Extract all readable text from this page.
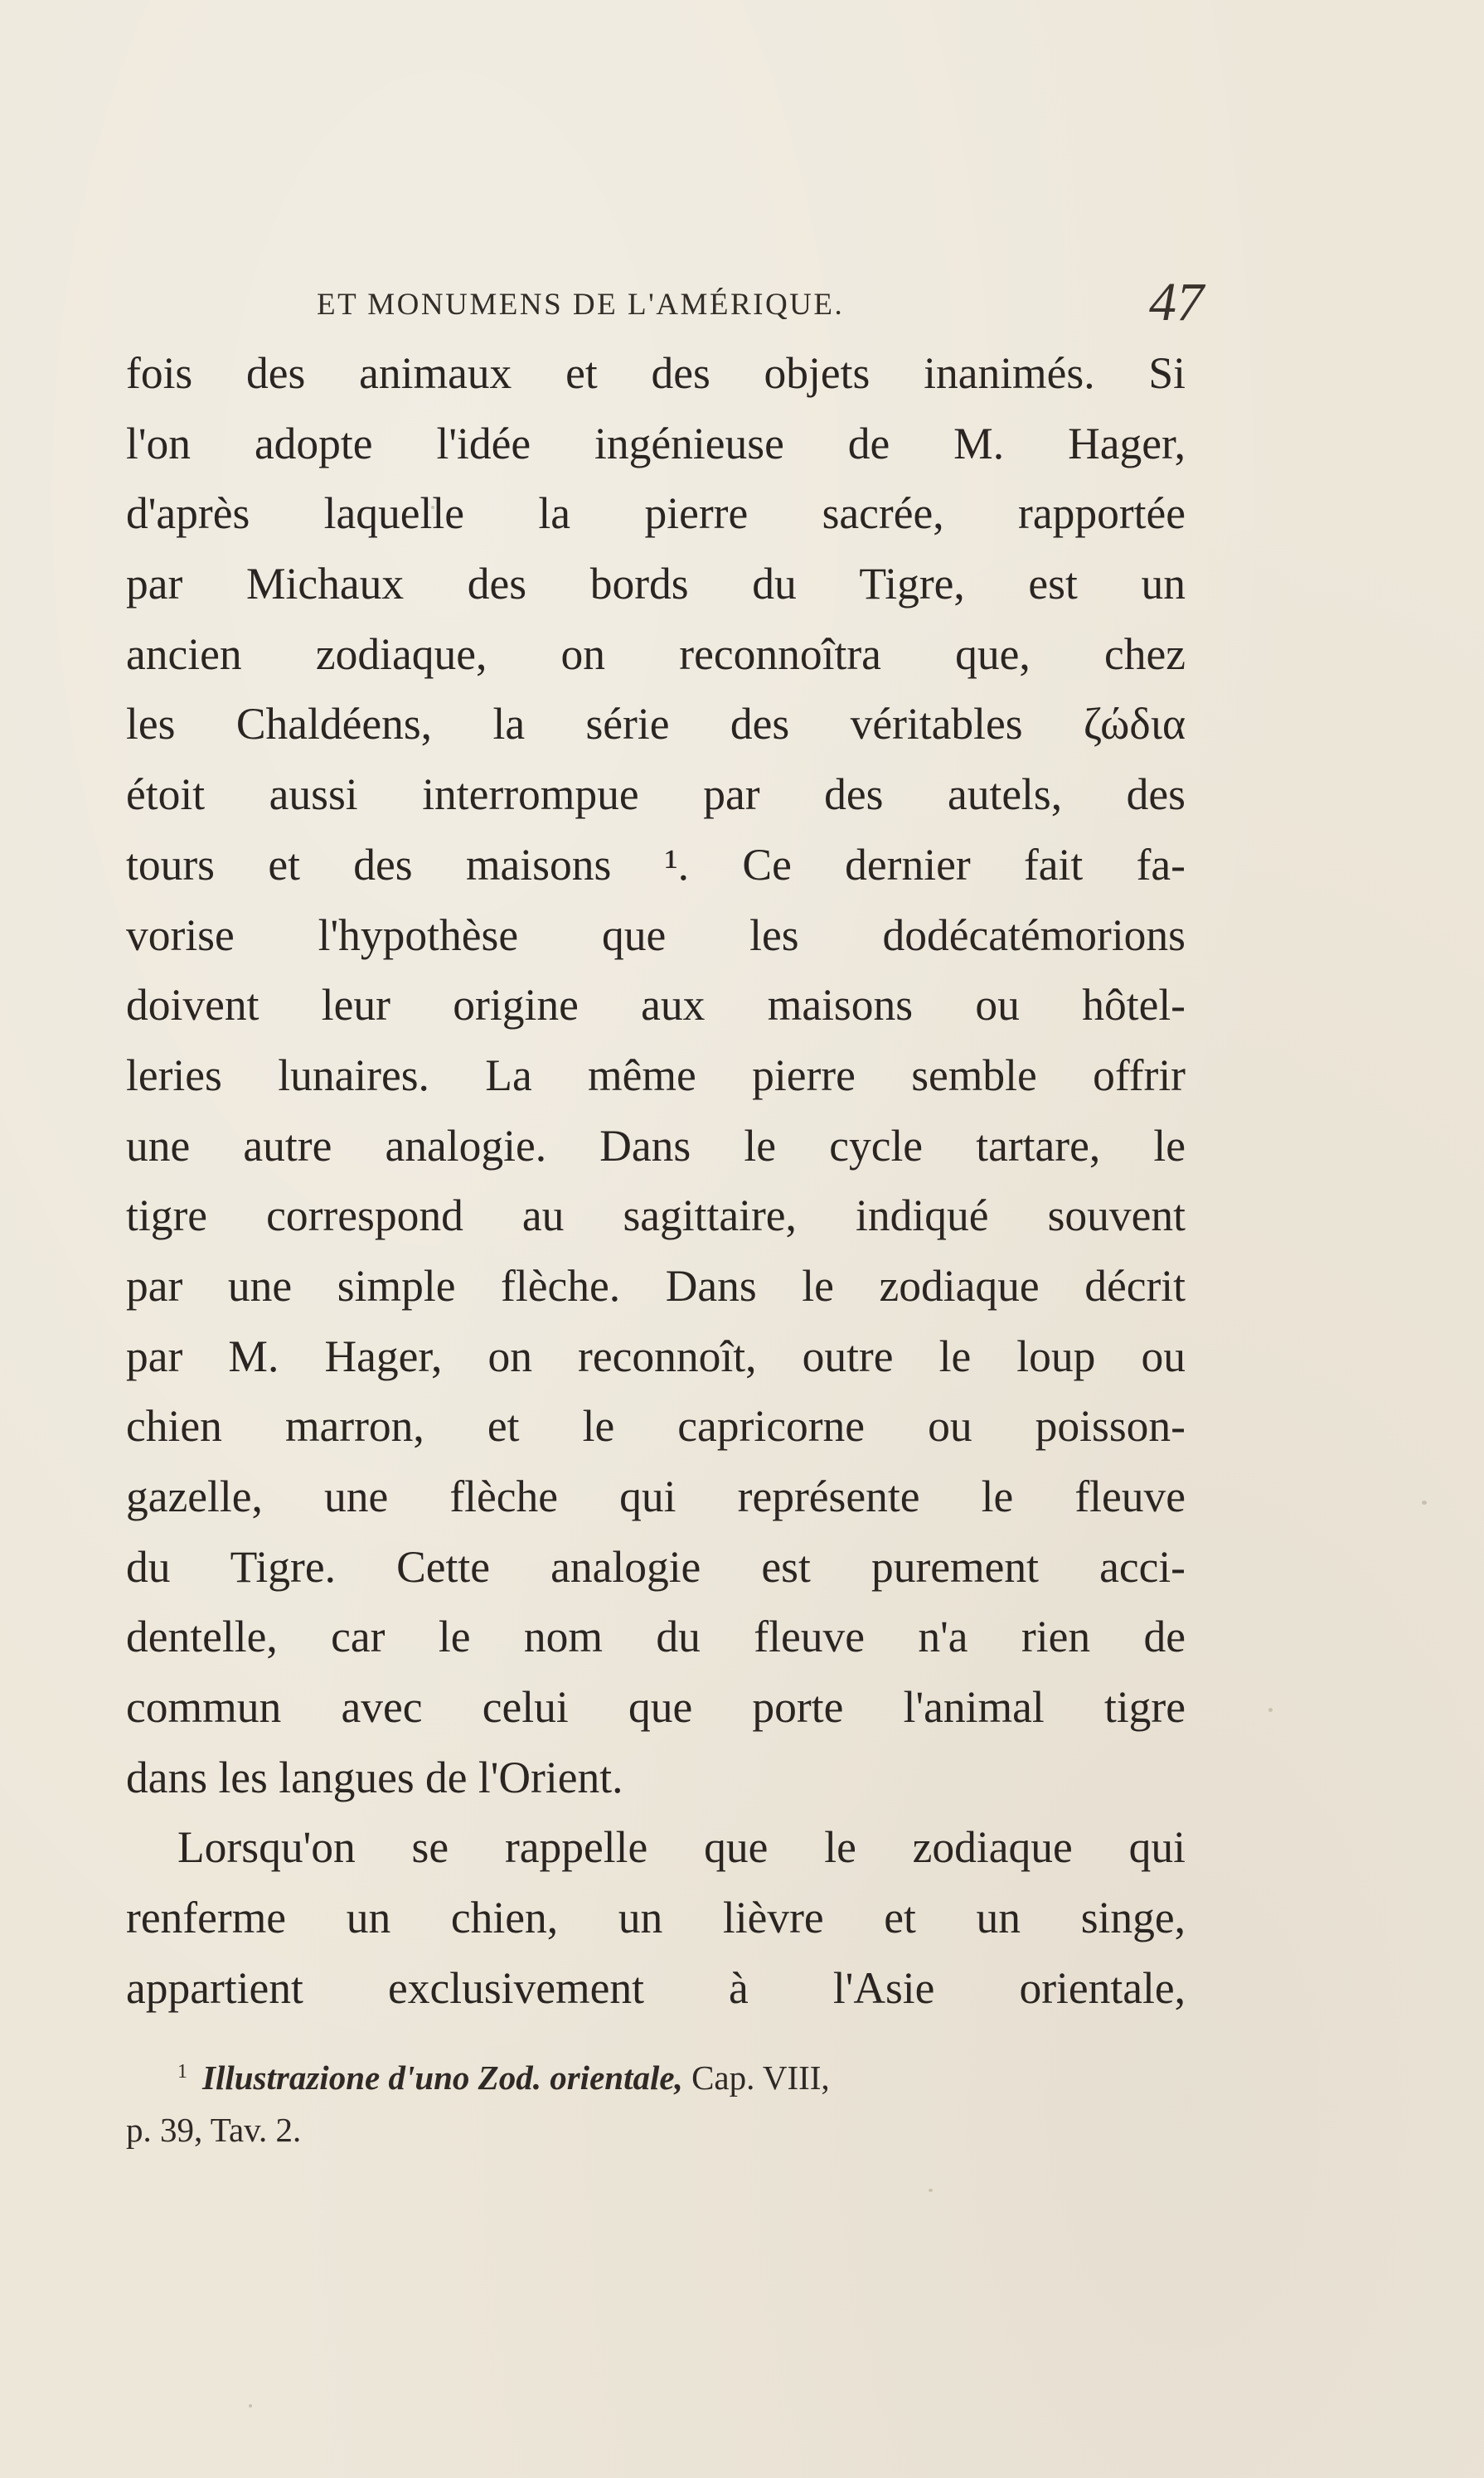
ET MONUMENS DE L'AMÉRIQUE.	47
fois des animaux et des objets inanimés. Si
l'on adopte l'idée ingénieuse de M. Hager,
d'après laquelle la pierre sacrée, rapportée
par Michaux des bords du Tigre, est un
ancien zodiaque, on reconnoîtra que, chez
les Chaldéens, la série des véritables ζώδια
étoit aussi interrompue par des autels, des
tours et des maisons ¹. Ce dernier fait fa-
vorise l'hypothèse que les dodécatémorions
doivent leur origine aux maisons ou hôtel-
leries lunaires. La même pierre semble offrir
une autre analogie. Dans le cycle tartare, le
tigre correspond au sagittaire, indiqué souvent
par une simple flèche. Dans le zodiaque décrit
par M. Hager, on reconnoît, outre le loup ou
chien marron, et le capricorne ou poisson-
gazelle, une flèche qui représente le fleuve
du Tigre. Cette analogie est purement acci-
dentelle, car le nom du fleuve n'a rien de
commun avec celui que porte l'animal tigre
dans les langues de l'Orient.
Lorsqu'on se rappelle que le zodiaque qui
renferme un chien, un lièvre et un singe,
appartient exclusivement à l'Asie orientale,
$^1$ Illustrazione d'uno Zod. orientale, Cap. VIII,
p. 39, Tav. 2.
